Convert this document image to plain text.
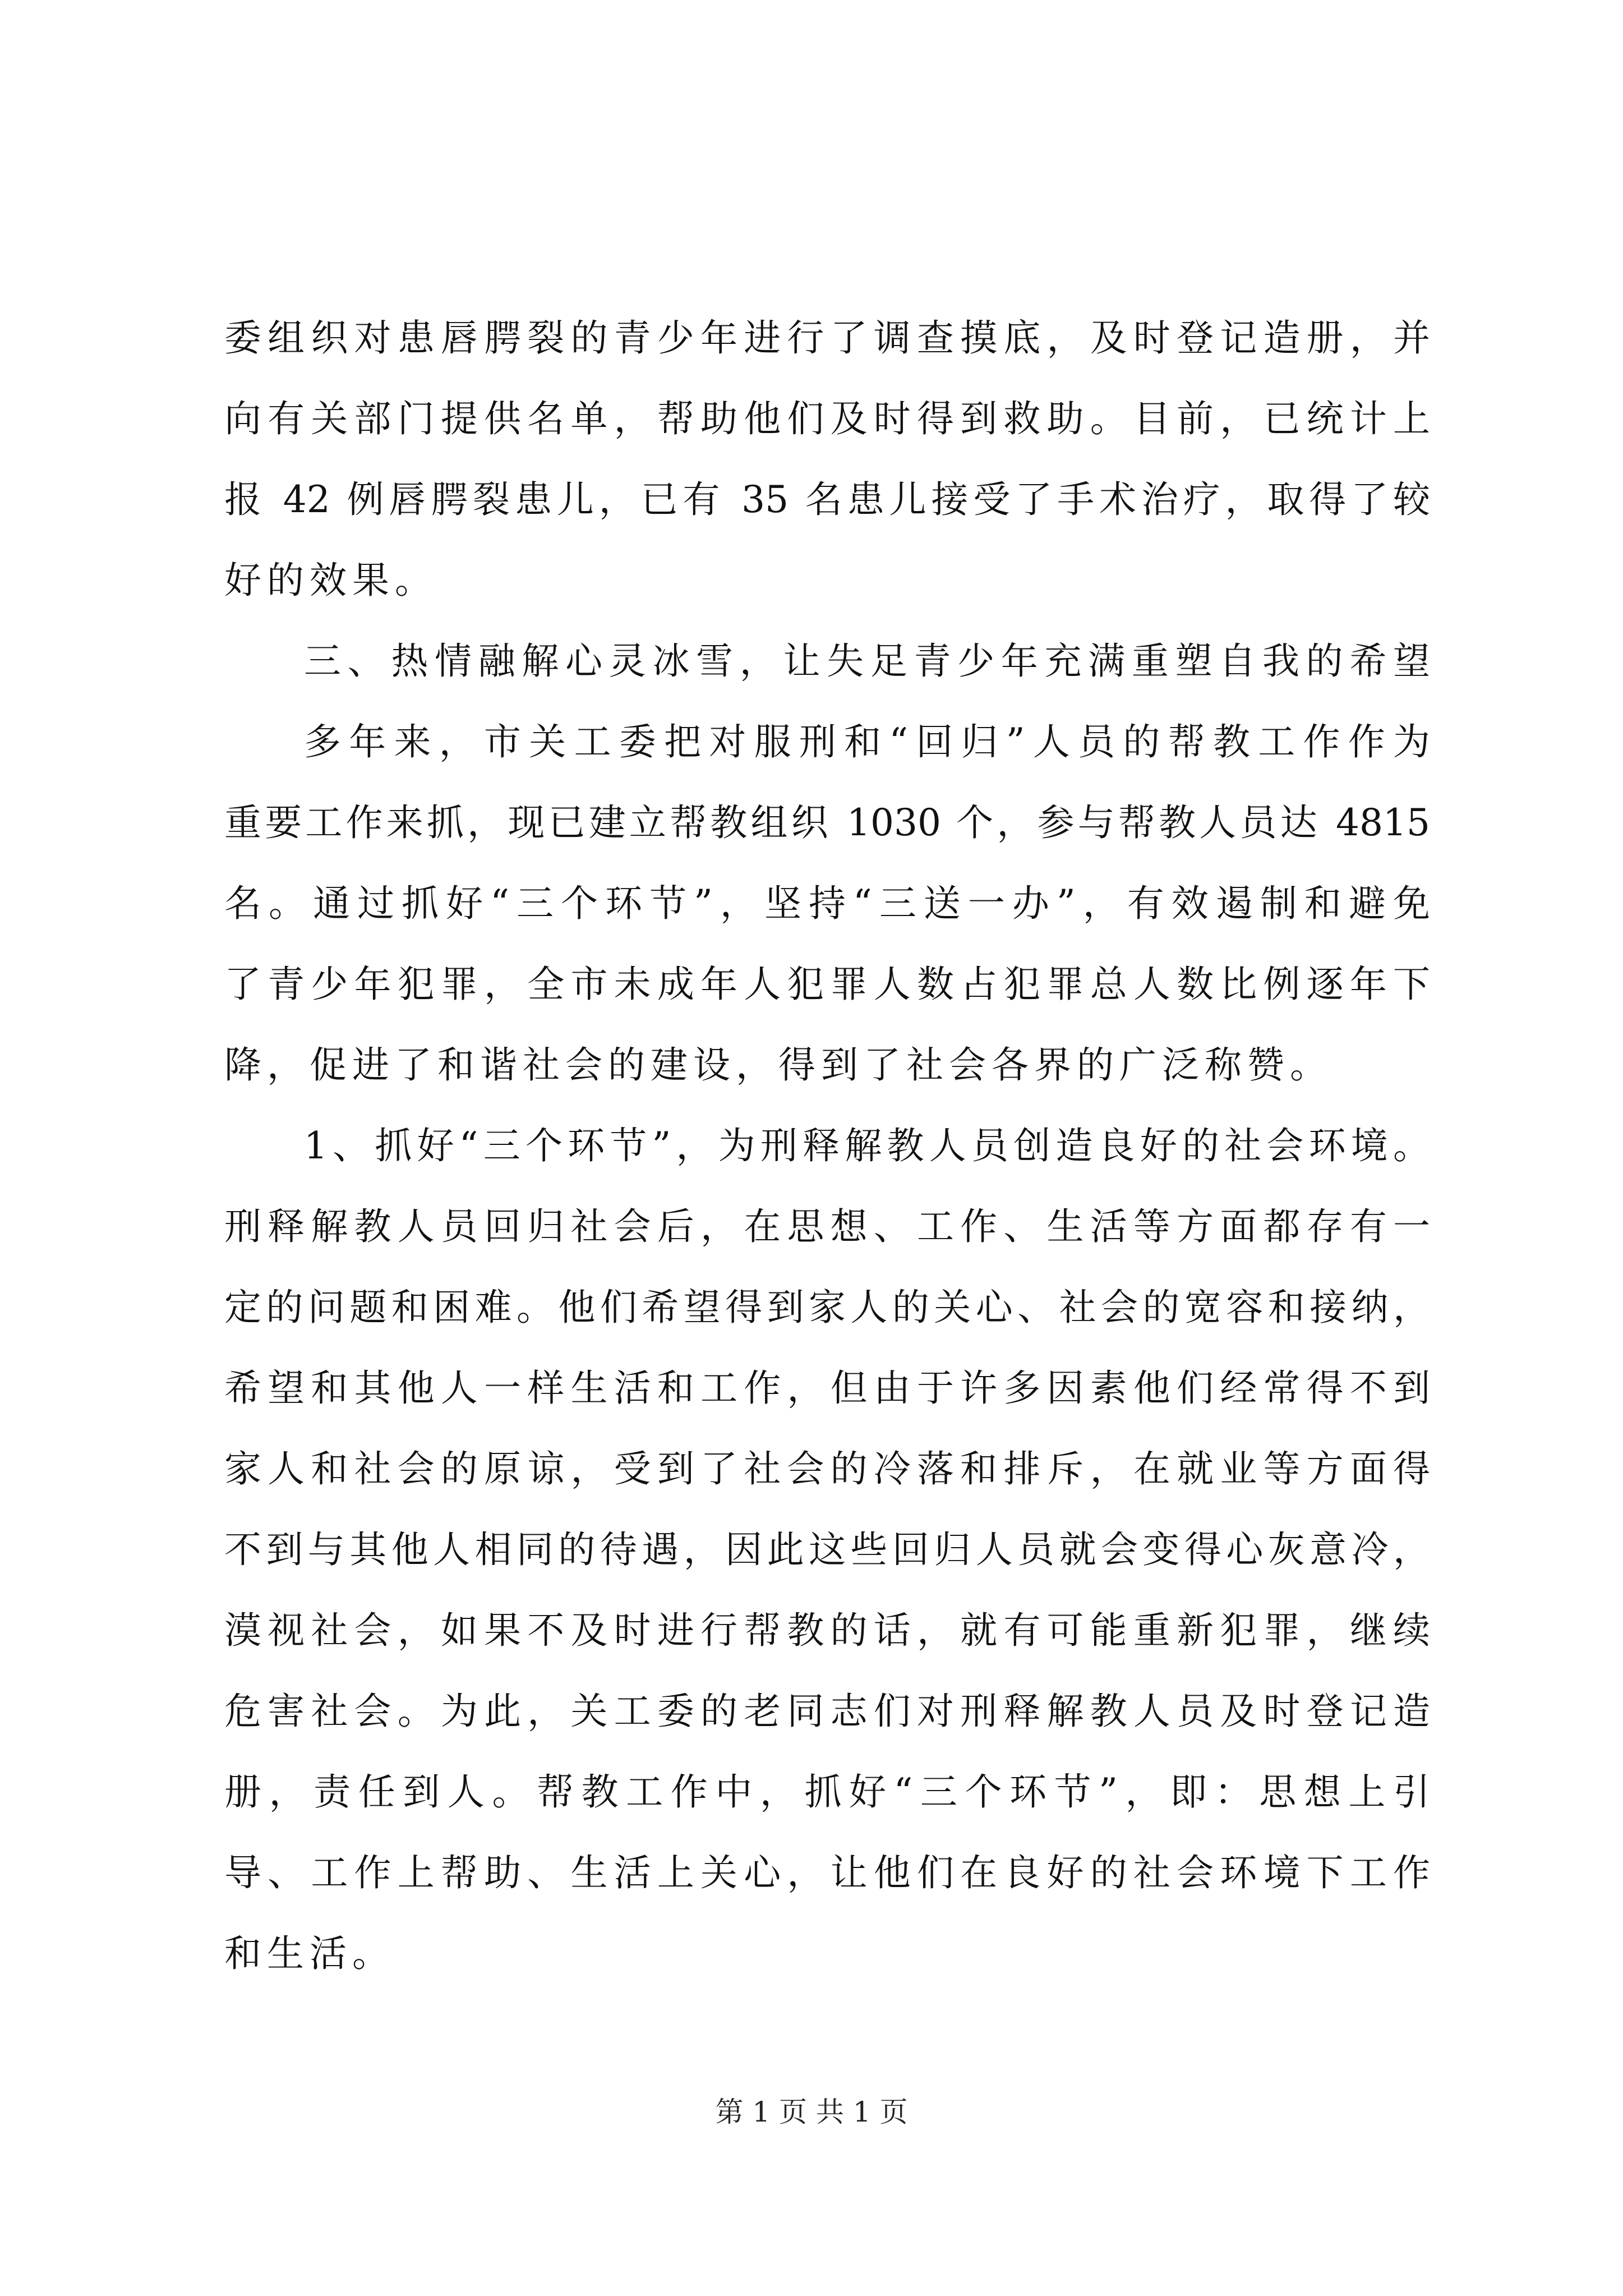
委组织对患唇腭裂的青少年进行了调查摸底，及时登记造册，并
向有关部门提供名单，帮助他们及时得到救助。目前，已统计上
报 42 例唇腭裂患儿，已有 35 名患儿接受了手术治疗，取得了较
好的效果。
三、热情融解心灵冰雪，让失足青少年充满重塑自我的希望
多年来，市关工委把对服刑和“回归”人员的帮教工作作为
重要工作来抓，现已建立帮教组织 1030 个，参与帮教人员达 4815
名。通过抓好“三个环节”，坚持“三送一办”，有效遏制和避免
了青少年犯罪，全市未成年人犯罪人数占犯罪总人数比例逐年下
降，促进了和谐社会的建设，得到了社会各界的广泛称赞。
1、抓好“三个环节”，为刑释解教人员创造良好的社会环境。
刑释解教人员回归社会后，在思想、工作、生活等方面都存有一
定的问题和困难。他们希望得到家人的关心、社会的宽容和接纳，
希望和其他人一样生活和工作，但由于许多因素他们经常得不到
家人和社会的原谅，受到了社会的冷落和排斥，在就业等方面得
不到与其他人相同的待遇，因此这些回归人员就会变得心灰意冷，
漠视社会，如果不及时进行帮教的话，就有可能重新犯罪，继续
危害社会。为此，关工委的老同志们对刑释解教人员及时登记造
册，责任到人。帮教工作中，抓好“三个环节”，即：思想上引
导、工作上帮助、生活上关心，让他们在良好的社会环境下工作
和生活。
第 1 页 共 1 页
